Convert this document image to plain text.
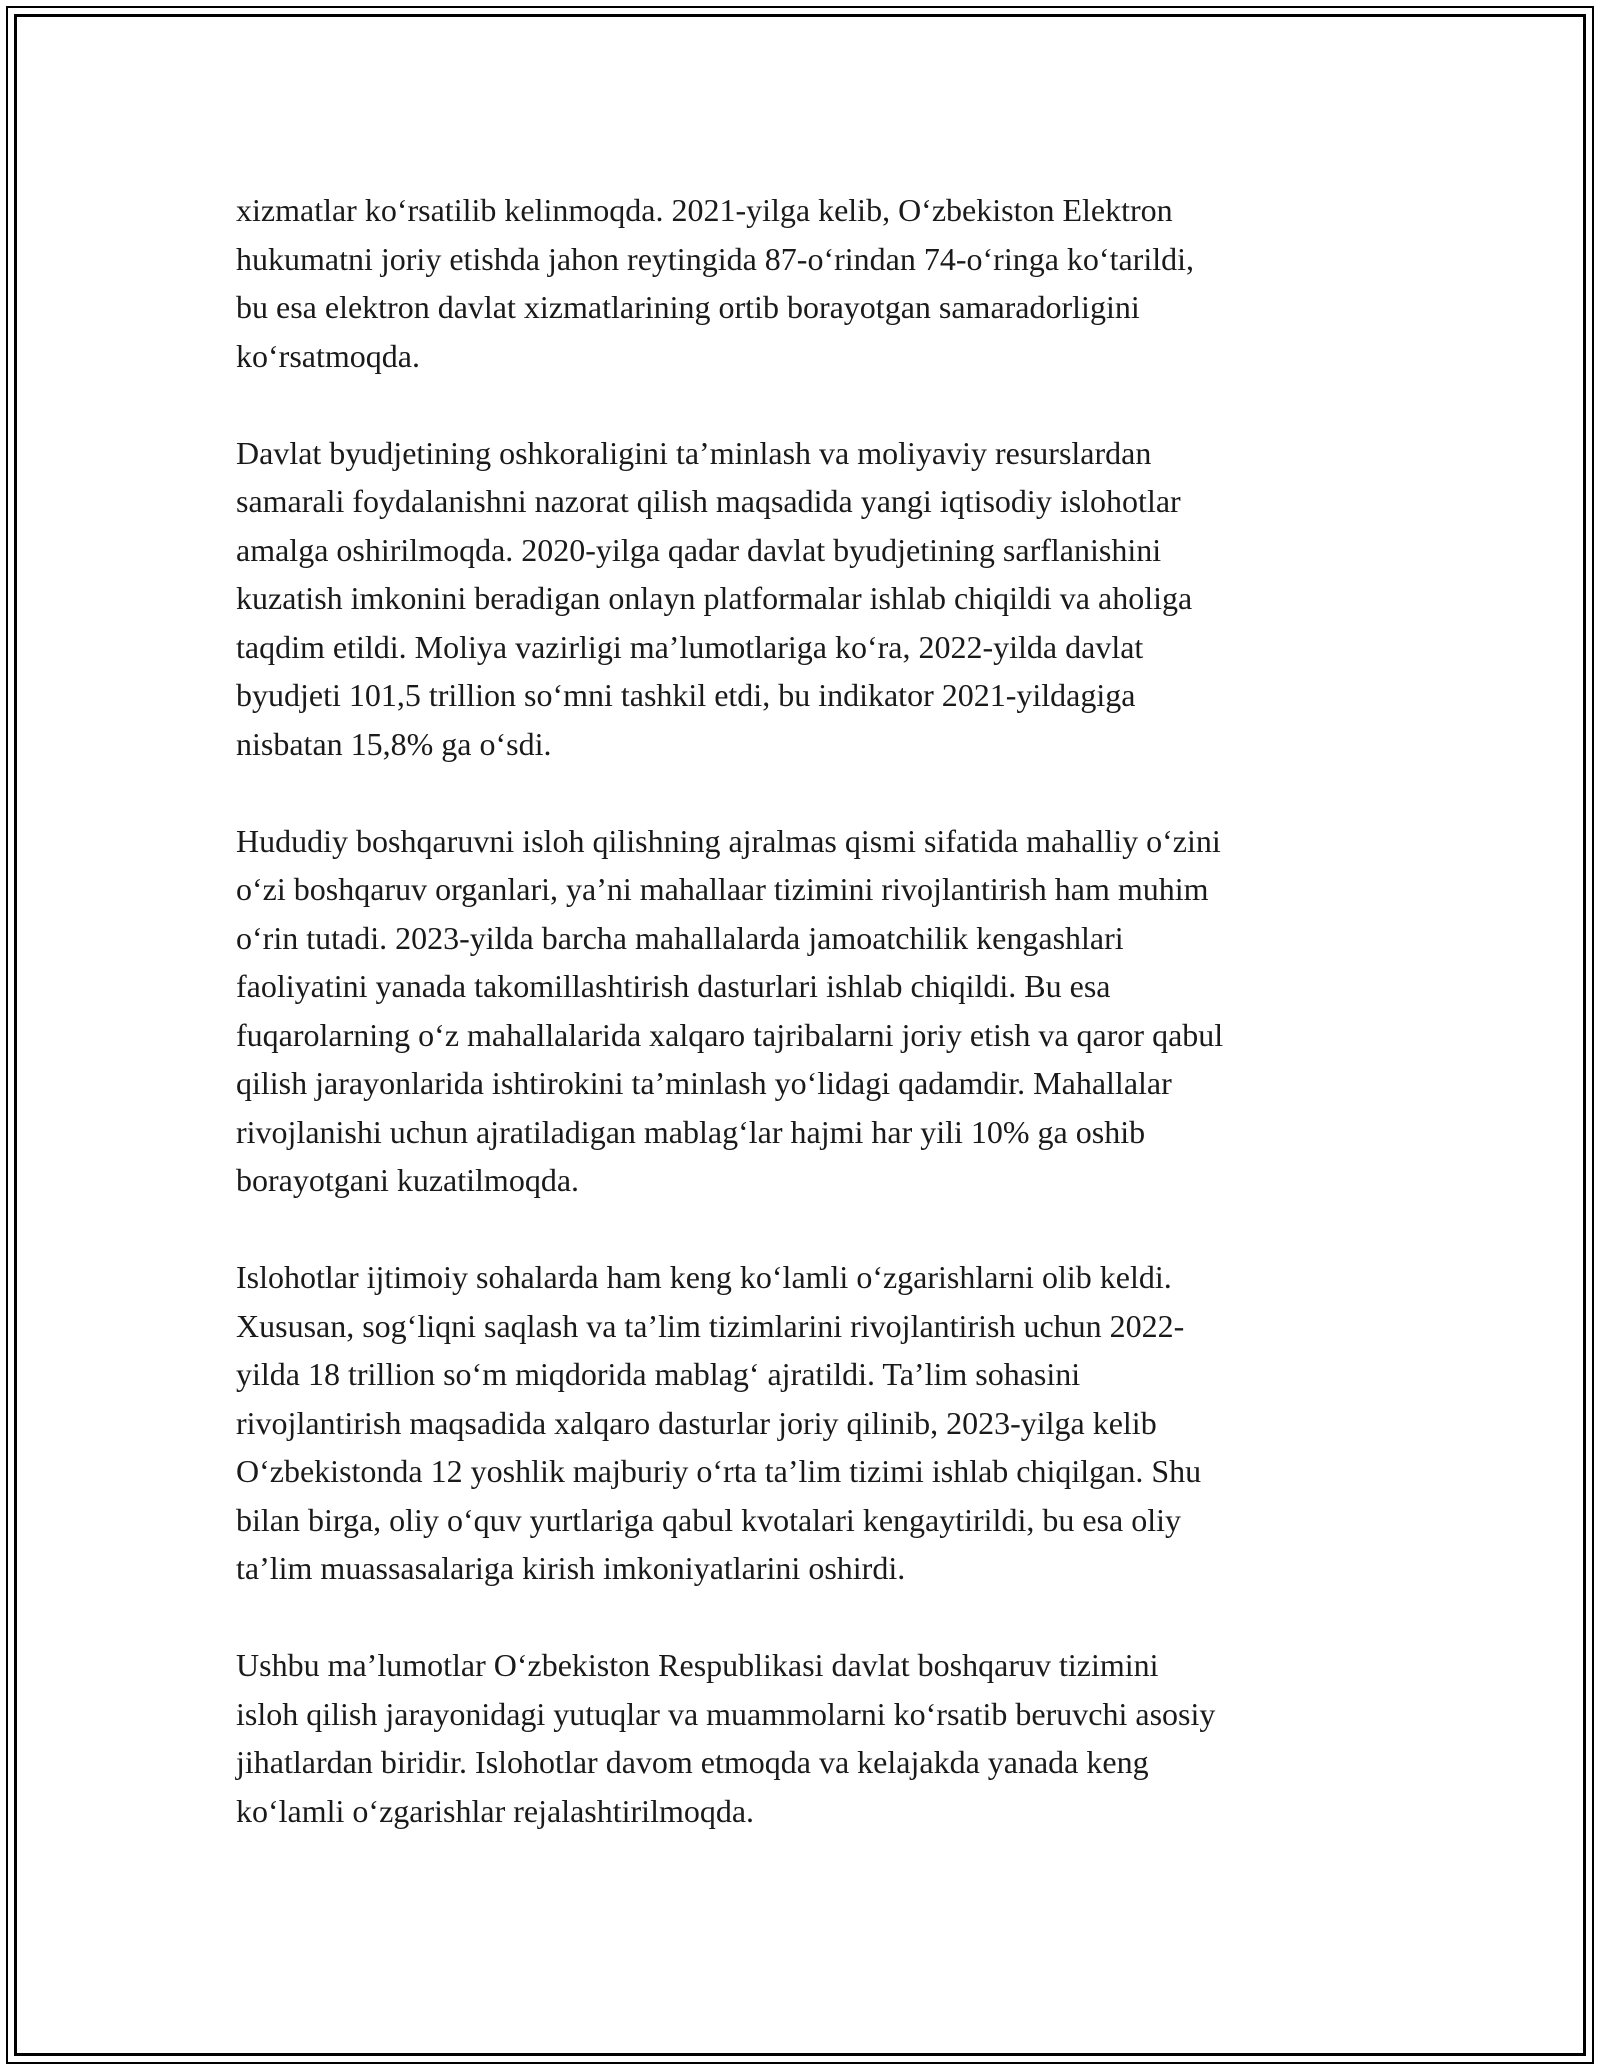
xizmatlar ko‘rsatilib kelinmoqda. 2021-yilga kelib, O‘zbekiston Elektron
hukumatni joriy etishda jahon reytingida 87-o‘rindan 74-o‘ringa ko‘tarildi,
bu esa elektron davlat xizmatlarining ortib borayotgan samaradorligini
ko‘rsatmoqda.

Davlat byudjetining oshkoraligini ta’minlash va moliyaviy resurslardan
samarali foydalanishni nazorat qilish maqsadida yangi iqtisodiy islohotlar
amalga oshirilmoqda. 2020-yilga qadar davlat byudjetining sarflanishini
kuzatish imkonini beradigan onlayn platformalar ishlab chiqildi va aholiga
taqdim etildi. Moliya vazirligi ma’lumotlariga ko‘ra, 2022-yilda davlat
byudjeti 101,5 trillion so‘mni tashkil etdi, bu indikator 2021-yildagiga
nisbatan 15,8% ga o‘sdi.

Hududiy boshqaruvni isloh qilishning ajralmas qismi sifatida mahalliy o‘zini
o‘zi boshqaruv organlari, ya’ni mahallaar tizimini rivojlantirish ham muhim
o‘rin tutadi. 2023-yilda barcha mahallalarda jamoatchilik kengashlari
faoliyatini yanada takomillashtirish dasturlari ishlab chiqildi. Bu esa
fuqarolarning o‘z mahallalarida xalqaro tajribalarni joriy etish va qaror qabul
qilish jarayonlarida ishtirokini ta’minlash yo‘lidagi qadamdir. Mahallalar
rivojlanishi uchun ajratiladigan mablag‘lar hajmi har yili 10% ga oshib
borayotgani kuzatilmoqda.

Islohotlar ijtimoiy sohalarda ham keng ko‘lamli o‘zgarishlarni olib keldi.
Xususan, sog‘liqni saqlash va ta’lim tizimlarini rivojlantirish uchun 2022-
yilda 18 trillion so‘m miqdorida mablag‘ ajratildi. Ta’lim sohasini
rivojlantirish maqsadida xalqaro dasturlar joriy qilinib, 2023-yilga kelib
O‘zbekistonda 12 yoshlik majburiy o‘rta ta’lim tizimi ishlab chiqilgan. Shu
bilan birga, oliy o‘quv yurtlariga qabul kvotalari kengaytirildi, bu esa oliy
ta’lim muassasalariga kirish imkoniyatlarini oshirdi.

Ushbu ma’lumotlar O‘zbekiston Respublikasi davlat boshqaruv tizimini
isloh qilish jarayonidagi yutuqlar va muammolarni ko‘rsatib beruvchi asosiy
jihatlardan biridir. Islohotlar davom etmoqda va kelajakda yanada keng
ko‘lamli o‘zgarishlar rejalashtirilmoqda.
